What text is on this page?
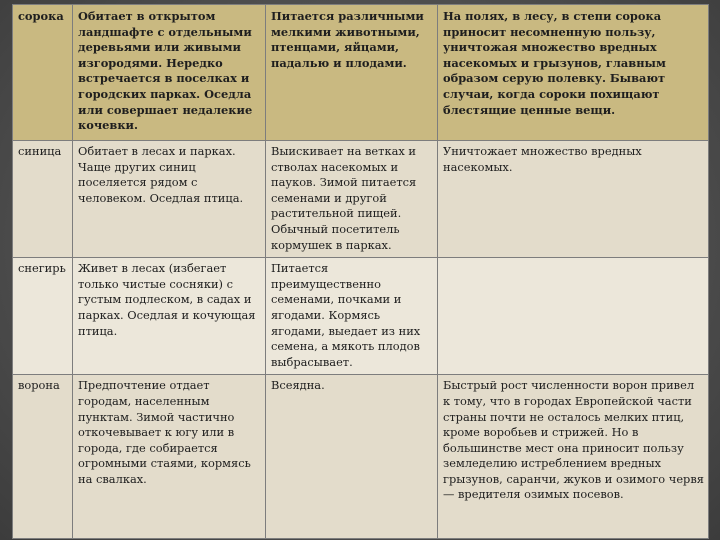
сорока	Обитает в открытом ландшафте с отдельными деревьями или живыми изгородями. Нередко встречается в поселках и городских парках. Оседла или совершает недалекие кочевки.	Питается различными мелкими животными, птенцами, яйцами, падалью и плодами.	На полях, в лесу, в степи сорока приносит несомненную пользу, уничтожая множество вредных насекомых и грызунов, главным образом серую полевку. Бывают случаи, когда сороки похищают блестящие ценные вещи.
синица	Обитает в лесах и парках. Чаще других синиц поселяется рядом с человеком. Оседлая птица.	Выискивает на ветках и стволах насекомых и пауков. Зимой питается семенами и другой растительной пищей. Обычный посетитель кормушек в парках.	Уничтожает множество вредных насекомых.
снегирь	Живет в лесах (избегает только чистые сосняки) с густым подлеском, в садах и парках. Оседлая и кочующая птица.	Питается преимущественно семенами, почками и ягодами. Кормясь ягодами, выедает из них семена, а мякоть плодов выбрасывает.	
ворона	Предпочтение отдает городам, населенным пунктам. Зимой частично откочевывает к югу или в города, где собирается огромными стаями, кормясь на свалках.	Всеядна.	Быстрый рост численности ворон привел к тому, что в городах Европейской части страны почти не осталось мелких птиц, кроме воробьев и стрижей. Но в большинстве мест она приносит пользу земледелию истреблением вредных грызунов, саранчи, жуков и озимого червя — вредителя озимых посевов.
